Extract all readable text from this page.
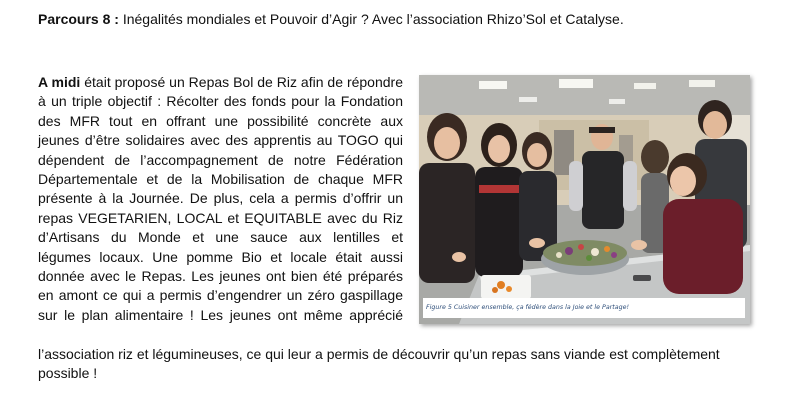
Parcours 8 : Inégalités mondiales et Pouvoir d’Agir ? Avec l’association Rhizo’Sol et Catalyse.
A midi était proposé un Repas Bol de Riz afin de répondre
à un triple objectif : Récolter des fonds pour la Fondation
des MFR tout en offrant une possibilité concrète aux
jeunes d’être solidaires avec des apprentis au TOGO qui
dépendent de l’accompagnement de notre Fédération
Départementale et de la Mobilisation de chaque MFR
présente à la Journée. De plus, cela a permis d’offrir un
repas VEGETARIEN, LOCAL et EQUITABLE avec du Riz
d’Artisans du Monde et une sauce aux lentilles et
légumes locaux. Une pomme Bio et locale était aussi
donnée avec le Repas. Les jeunes ont bien été préparés
en amont ce qui a permis d’engendrer un zéro gaspillage
sur le plan alimentaire ! Les jeunes ont même apprécié
l’association riz et légumineuses, ce qui leur a permis de découvrir qu’un repas sans viande est complètement
possible !
Figure 5 Cuisiner ensemble, ça fédère dans la Joie et le Partage!
